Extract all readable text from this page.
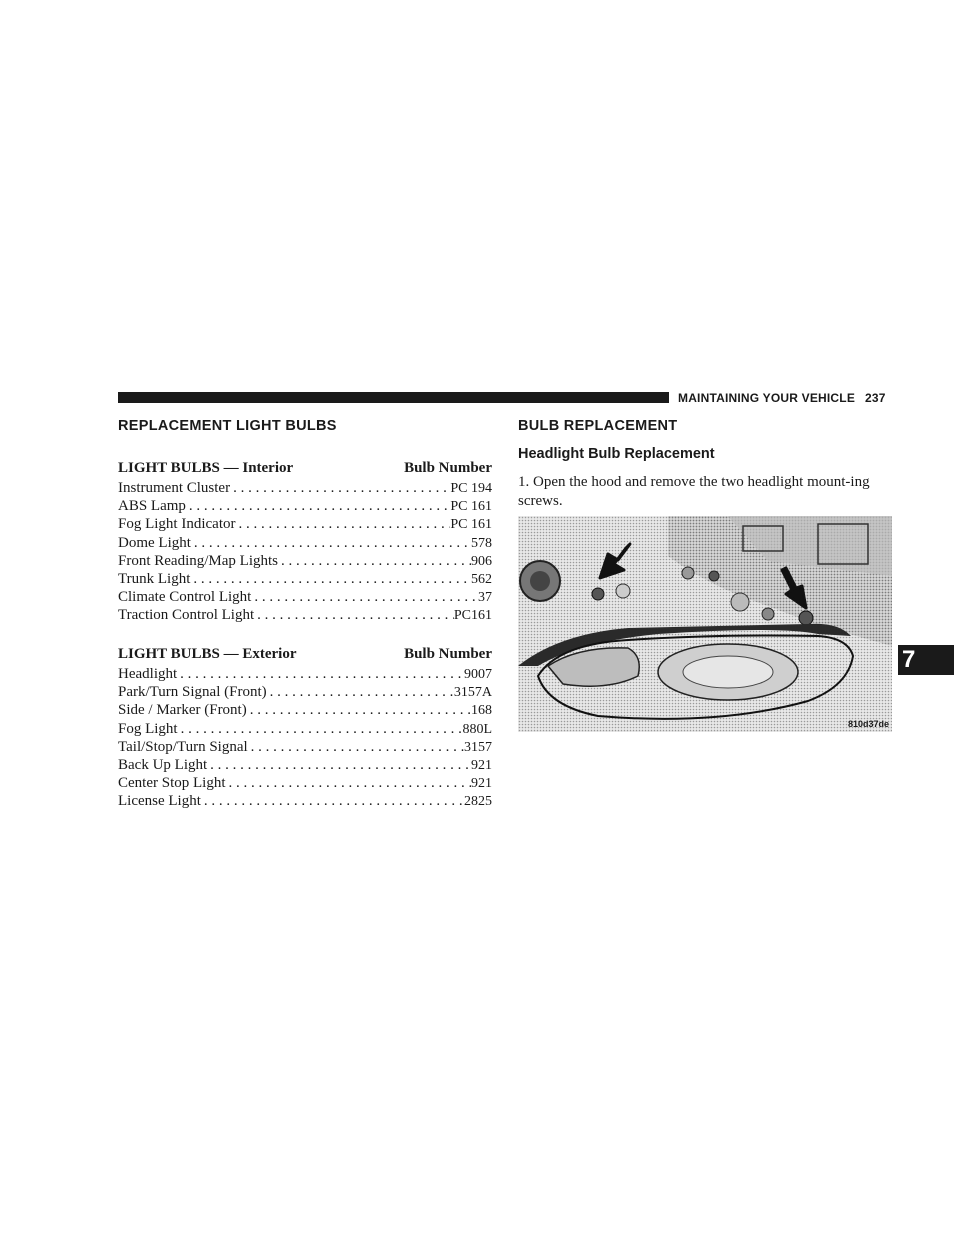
MAINTAINING YOUR VEHICLE 237
REPLACEMENT LIGHT BULBS
LIGHT BULBS — Interior	Bulb Number
Instrument Cluster . . .	PC 194
ABS Lamp . . .	PC 161
Fog Light Indicator . . .	PC 161
Dome Light . . .	578
Front Reading/Map Lights . . .	906
Trunk Light . . .	562
Climate Control Light . . .	37
Traction Control Light . . .	PC161
LIGHT BULBS — Exterior	Bulb Number
Headlight . . .	9007
Park/Turn Signal (Front) . . .	3157A
Side / Marker (Front) . . .	168
Fog Light . . .	880L
Tail/Stop/Turn Signal . . .	3157
Back Up Light . . .	921
Center Stop Light . . .	921
License Light . . .	2825
BULB REPLACEMENT
Headlight Bulb Replacement
1. Open the hood and remove the two headlight mount-ing screws.
810d37de
7
